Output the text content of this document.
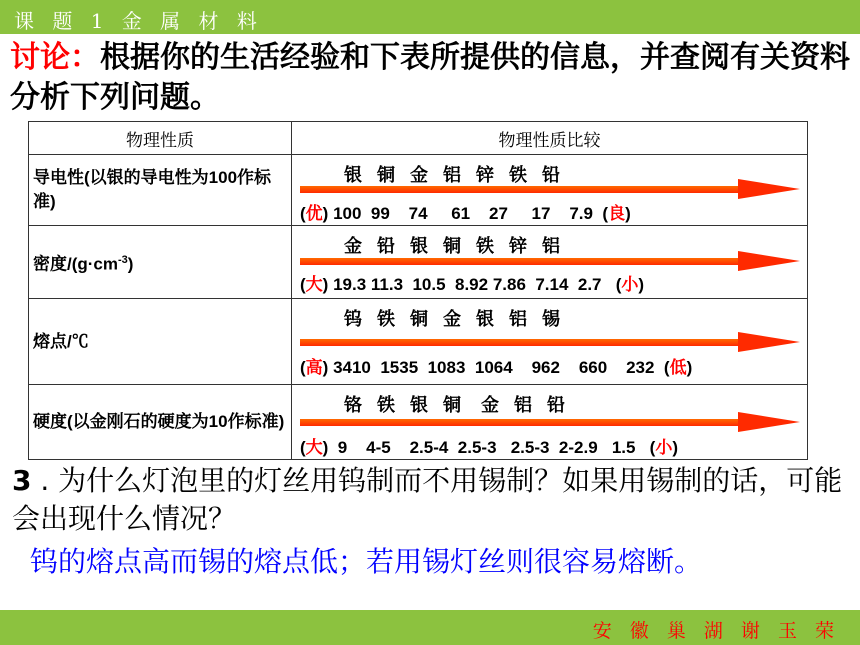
课 题 1 金 属 材 料
讨论：根据你的生活经验和下表所提供的信息，并查阅有关资料分析下列问题。
物理性质	物理性质比较
导电性(以银的导电性为100作标准)	银   铜   金   铝   锌   铁   铅
(优) 100  99    74     61    27     17    7.9  (良)

密度$/(g\cdot cm^{-3})$	金   铅   银   铜   铁   锌   铝
(大) 19.3 11.3  10.5  8.92 7.86  7.14  2.7   (小)

熔点/℃	钨   铁   铜   金   银   铝   锡
(高) 3410  1535  1083  1064    962    660    232  (低)

硬度(以金刚石的硬度为10作标准)	铬   铁   银   铜    金   铝   铅
(大)  9    4-5    2.5-4  2.5-3   2.5-3  2-2.9   1.5   (小)
3 . 为什么灯泡里的灯丝用钨制而不用锡制？如果用锡制的话，可能会出现什么情况？
钨的熔点高而锡的熔点低；若用锡灯丝则很容易熔断。
安 徽 巢 湖 谢 玉 荣
